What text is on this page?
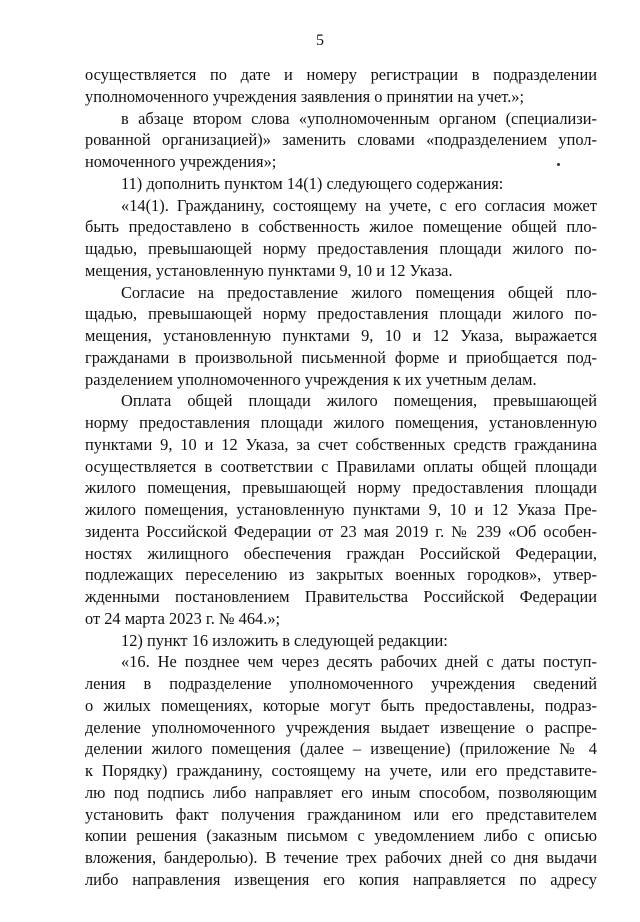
5
осуществляется по дате и номеру регистрации в подразделении
уполномоченного учреждения заявления о принятии на учет.»;
в абзаце втором слова «уполномоченным органом (специализи-
рованной организацией)» заменить словами «подразделением упол-
номоченного учреждения»;
11) дополнить пунктом 14(1) следующего содержания:
«14(1). Гражданину, состоящему на учете, с его согласия может
быть предоставлено в собственность жилое помещение общей пло-
щадью, превышающей норму предоставления площади жилого по-
мещения, установленную пунктами 9, 10 и 12 Указа.
Согласие на предоставление жилого помещения общей пло-
щадью, превышающей норму предоставления площади жилого по-
мещения, установленную пунктами 9, 10 и 12 Указа, выражается
гражданами в произвольной письменной форме и приобщается под-
разделением уполномоченного учреждения к их учетным делам.
Оплата общей площади жилого помещения, превышающей
норму предоставления площади жилого помещения, установленную
пунктами 9, 10 и 12 Указа, за счет собственных средств гражданина
осуществляется в соответствии с Правилами оплаты общей площади
жилого помещения, превышающей норму предоставления площади
жилого помещения, установленную пунктами 9, 10 и 12 Указа Пре-
зидента Российской Федерации от 23 мая 2019 г. № 239 «Об особен-
ностях жилищного обеспечения граждан Российской Федерации,
подлежащих переселению из закрытых военных городков», утвер-
жденными постановлением Правительства Российской Федерации
от 24 марта 2023 г. № 464.»;
12) пункт 16 изложить в следующей редакции:
«16. Не позднее чем через десять рабочих дней с даты поступ-
ления в подразделение уполномоченного учреждения сведений
о жилых помещениях, которые могут быть предоставлены, подраз-
деление уполномоченного учреждения выдает извещение о распре-
делении жилого помещения (далее – извещение) (приложение № 4
к Порядку) гражданину, состоящему на учете, или его представите-
лю под подпись либо направляет его иным способом, позволяющим
установить факт получения гражданином или его представителем
копии решения (заказным письмом с уведомлением либо с описью
вложения, бандеролью). В течение трех рабочих дней со дня выдачи
либо направления извещения его копия направляется по адресу
